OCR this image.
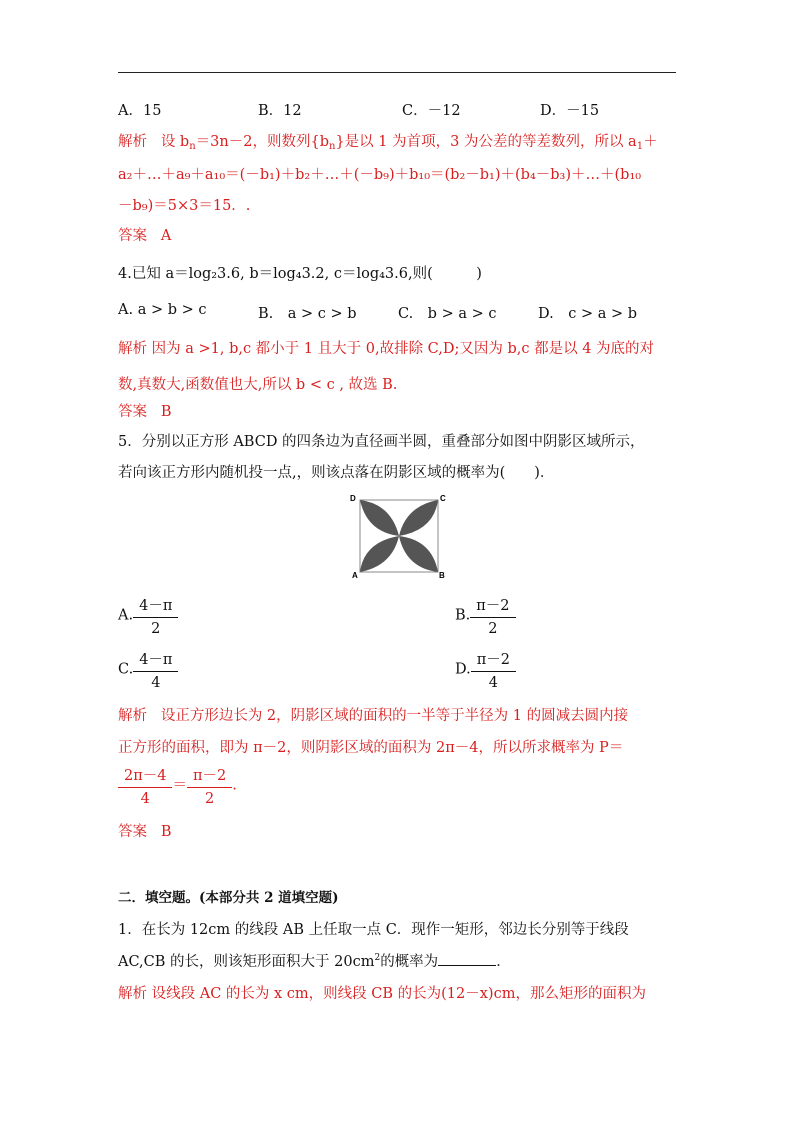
A．15	B．12	C．－12	D．－15
解析 设 $b_n=3n-2$，则数列$\{b_n\}$是以 1 为首项，3 为公差的等差数列，所以 $a_1+$
a₂＋…＋a₉＋a₁₀＝(－b₁)＋b₂＋…＋(－b₉)＋b₁₀＝(b₂－b₁)＋(b₄－b₃)＋…＋(b₁₀
－b₉)＝5×3＝15．.
答案 A
4.已知 a＝log₂3.6, b＝log₄3.2, c＝log₄3.6,则(　　　)
A. a > b > c	B.　a > c > b	C.　b > a > c	D.　c > a > b
解析 因为 a >1, b,c 都小于 1 且大于 0,故排除 C,D;又因为 b,c 都是以 4 为底的对
数,真数大,函数值也大,所以 b < c , 故选 B.
答案 B
5．分别以正方形 ABCD 的四条边为直径画半圆，重叠部分如图中阴影区域所示，
若向该正方形内随机投一点,，则该点落在阴影区域的概率为(　　)．
D	C
A	B
A. $\frac{4-\pi}{2}$	B. $\frac{\pi-2}{2}$
C. $\frac{4-\pi}{4}$	D. $\frac{\pi-2}{4}$
解析 设正方形边长为 2，阴影区域的面积的一半等于半径为 1 的圆减去圆内接
正方形的面积，即为 π－2，则阴影区域的面积为 2π－4，所以所求概率为 P＝
$\frac{2\pi-4}{4} = \frac{\pi-2}{2}$ .
答案 B
二．填空题。(本部分共 2 道填空题)
1．在长为 12cm 的线段 AB 上任取一点 C．现作一矩形，邻边长分别等于线段
AC,CB 的长，则该矩形面积大于 $20cm^2$的概率为	．
解析 设线段 AC 的长为 x cm，则线段 CB 的长为(12－x)cm，那么矩形的面积为
